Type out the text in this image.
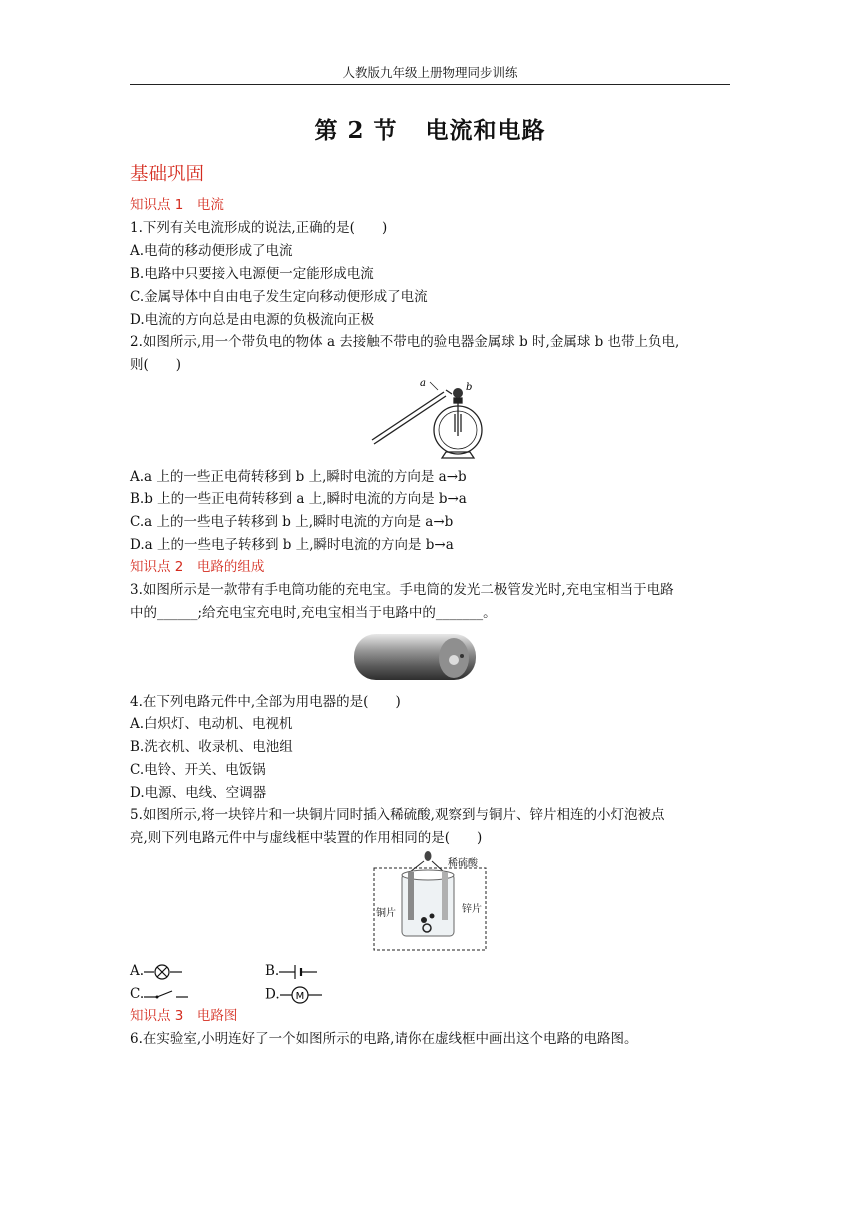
人教版九年级上册物理同步训练
第 2 节 电流和电路
基础巩固
知识点 1　电流
1.下列有关电流形成的说法,正确的是(　　)
A.电荷的移动便形成了电流
B.电路中只要接入电源便一定能形成电流
C.金属导体中自由电子发生定向移动便形成了电流
D.电流的方向总是由电源的负极流向正极
2.如图所示,用一个带负电的物体 a 去接触不带电的验电器金属球 b 时,金属球 b 也带上负电,
则(　　)
a	b
A.a 上的一些正电荷转移到 b 上,瞬时电流的方向是 a→b
B.b 上的一些正电荷转移到 a 上,瞬时电流的方向是 b→a
C.a 上的一些电子转移到 b 上,瞬时电流的方向是 a→b
D.a 上的一些电子转移到 b 上,瞬时电流的方向是 b→a
知识点 2　电路的组成
3.如图所示是一款带有手电筒功能的充电宝。手电筒的发光二极管发光时,充电宝相当于电路
中的______;给充电宝充电时,充电宝相当于电路中的_______。
4.在下列电路元件中,全部为用电器的是(　　)
A.白炽灯、电动机、电视机
B.洗衣机、收录机、电池组
C.电铃、开关、电饭锅
D.电源、电线、空调器
5.如图所示,将一块锌片和一块铜片同时插入稀硫酸,观察到与铜片、锌片相连的小灯泡被点
亮,则下列电路元件中与虚线框中装置的作用相同的是(　　)
稀硫酸
铜片	锌片
A.	B.
C.	D. M
知识点 3　电路图
6.在实验室,小明连好了一个如图所示的电路,请你在虚线框中画出这个电路的电路图。
